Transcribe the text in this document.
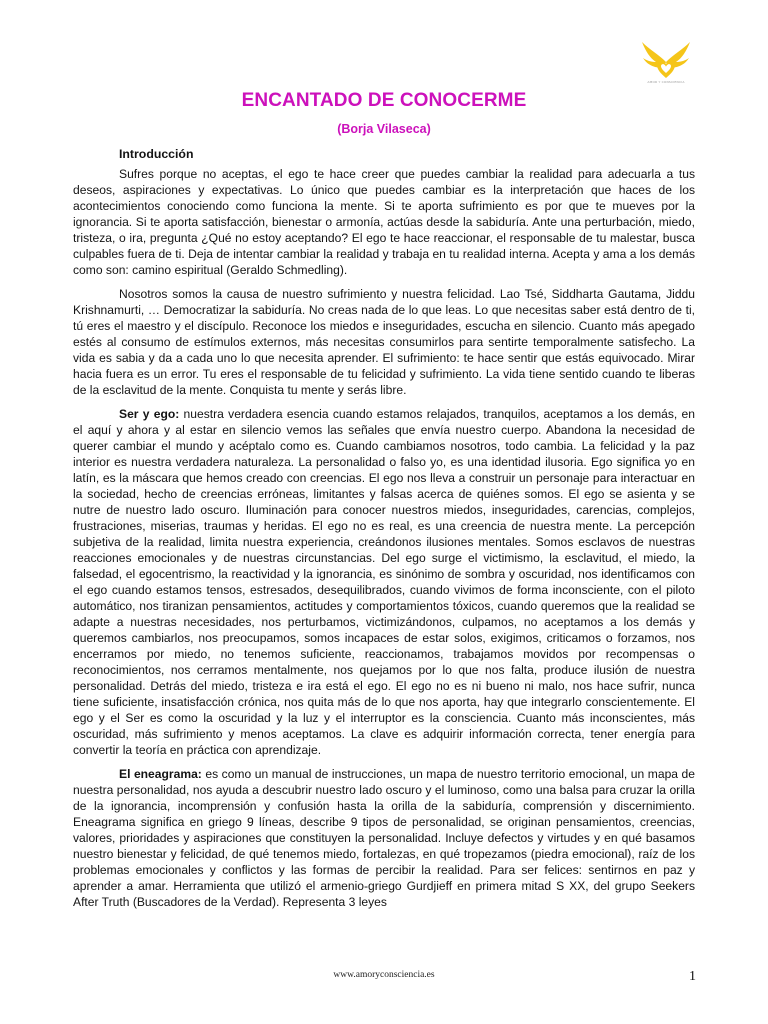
AMOR Y CONSCIENCIA
ENCANTADO DE CONOCERME
(Borja Vilaseca)
Introducción

Sufres porque no aceptas, el ego te hace creer que puedes cambiar la realidad para adecuarla a tus deseos, aspiraciones y expectativas. Lo único que puedes cambiar es la interpretación que haces de los acontecimientos conociendo como funciona la mente. Si te aporta sufrimiento es por que te mueves por la ignorancia. Si te aporta satisfacción, bienestar o armonía, actúas desde la sabiduría. Ante una perturbación, miedo, tristeza, o ira, pregunta ¿Qué no estoy aceptando? El ego te hace reaccionar, el responsable de tu malestar, busca culpables fuera de ti. Deja de intentar cambiar la realidad y trabaja en tu realidad interna. Acepta y ama a los demás como son: camino espiritual (Geraldo Schmedling).

Nosotros somos la causa de nuestro sufrimiento y nuestra felicidad. Lao Tsé, Siddharta Gautama, Jiddu Krishnamurti, … Democratizar la sabiduría. No creas nada de lo que leas. Lo que necesitas saber está dentro de ti, tú eres el maestro y el discípulo. Reconoce los miedos e inseguridades, escucha en silencio. Cuanto más apegado estés al consumo de estímulos externos, más necesitas consumirlos para sentirte temporalmente satisfecho. La vida es sabia y da a cada uno lo que necesita aprender. El sufrimiento: te hace sentir que estás equivocado. Mirar hacia fuera es un error. Tu eres el responsable de tu felicidad y sufrimiento. La vida tiene sentido cuando te liberas de la esclavitud de la mente. Conquista tu mente y serás libre.

Ser y ego: nuestra verdadera esencia cuando estamos relajados, tranquilos, aceptamos a los demás, en el aquí y ahora y al estar en silencio vemos las señales que envía nuestro cuerpo. Abandona la necesidad de querer cambiar el mundo y acéptalo como es. Cuando cambiamos nosotros, todo cambia. La felicidad y la paz interior es nuestra verdadera naturaleza. La personalidad o falso yo, es una identidad ilusoria. Ego significa yo en latín, es la máscara que hemos creado con creencias. El ego nos lleva a construir un personaje para interactuar en la sociedad, hecho de creencias erróneas, limitantes y falsas acerca de quiénes somos. El ego se asienta y se nutre de nuestro lado oscuro. Iluminación para conocer nuestros miedos, inseguridades, carencias, complejos, frustraciones, miserias, traumas y heridas. El ego no es real, es una creencia de nuestra mente. La percepción subjetiva de la realidad, limita nuestra experiencia, creándonos ilusiones mentales. Somos esclavos de nuestras reacciones emocionales y de nuestras circunstancias. Del ego surge el victimismo, la esclavitud, el miedo, la falsedad, el egocentrismo, la reactividad y la ignorancia, es sinónimo de sombra y oscuridad, nos identificamos con el ego cuando estamos tensos, estresados, desequilibrados, cuando vivimos de forma inconsciente, con el piloto automático, nos tiranizan pensamientos, actitudes y comportamientos tóxicos, cuando queremos que la realidad se adapte a nuestras necesidades, nos perturbamos, victimizándonos, culpamos, no aceptamos a los demás y queremos cambiarlos, nos preocupamos, somos incapaces de estar solos, exigimos, criticamos o forzamos, nos encerramos por miedo, no tenemos suficiente, reaccionamos, trabajamos movidos por recompensas o reconocimientos, nos cerramos mentalmente, nos quejamos por lo que nos falta, produce ilusión de nuestra personalidad. Detrás del miedo, tristeza e ira está el ego. El ego no es ni bueno ni malo, nos hace sufrir, nunca tiene suficiente, insatisfacción crónica, nos quita más de lo que nos aporta, hay que integrarlo conscientemente. El ego y el Ser es como la oscuridad y la luz y el interruptor es la consciencia. Cuanto más inconscientes, más oscuridad, más sufrimiento y menos aceptamos. La clave es adquirir información correcta, tener energía para convertir la teoría en práctica con aprendizaje.

El eneagrama: es como un manual de instrucciones, un mapa de nuestro territorio emocional, un mapa de nuestra personalidad, nos ayuda a descubrir nuestro lado oscuro y el luminoso, como una balsa para cruzar la orilla de la ignorancia, incomprensión y confusión hasta la orilla de la sabiduría, comprensión y discernimiento. Eneagrama significa en griego 9 líneas, describe 9 tipos de personalidad, se originan pensamientos, creencias, valores, prioridades y aspiraciones que constituyen la personalidad. Incluye defectos y virtudes y en qué basamos nuestro bienestar y felicidad, de qué tenemos miedo, fortalezas, en qué tropezamos (piedra emocional), raíz de los problemas emocionales y conflictos y las formas de percibir la realidad. Para ser felices: sentirnos en paz y aprender a amar. Herramienta que utilizó el armenio-griego Gurdjieff en primera mitad S XX, del grupo Seekers After Truth (Buscadores de la Verdad). Representa 3 leyes

www.amoryconsciencia.es	1
